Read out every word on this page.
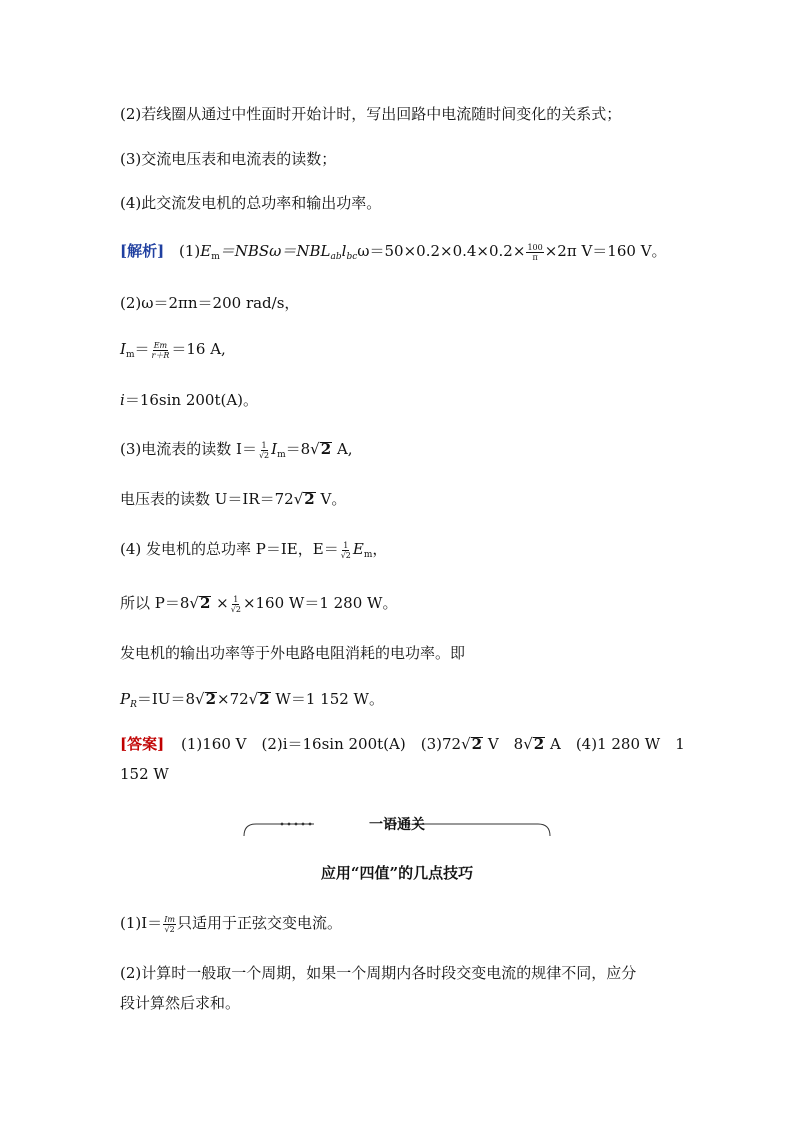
(2)若线圈从通过中性面时开始计时，写出回路中电流随时间变化的关系式；
(3)交流电压表和电流表的读数；
(4)此交流发电机的总功率和输出功率。
[解析] $(1)E_m=NBS\omega=NBL_{ab}l_{bc}\omega=50\times 0.2\times 0.4\times 0.2\times \frac{100}{\pi} \times 2\pi$ V＝160 V。
(2)ω＝2πn＝200 rad/s，
$I_m= \frac{Em}{r+R} =16$ A,
i＝16sin 200t(A)。
(3)电流表的读数 $I= \frac{1}{√2} I_m=8√2$ A,
电压表的读数 U＝IR＝72√2 V。
(4) 发电机的总功率 P＝IE，$E= \frac{1}{√2} E_m$，
所以 $P=8√2 \times \frac{1}{√2} \times 160$ W＝1 280 W。
发电机的输出功率等于外电路电阻消耗的电功率。即
$P_R=IU=8√2\times 72√2$ W＝1 152 W。
[答案] (1)160 V　(2)i＝16sin 200t(A)　(3)72√2 V　8√2 A　(4)1 280 W　1
152 W
一语通关
应用“四值”的几点技巧
$(1)I= \frac{Im}{√2}$ 只适用于正弦交变电流。
(2)计算时一般取一个周期，如果一个周期内各时段交变电流的规律不同，应分
段计算然后求和。
